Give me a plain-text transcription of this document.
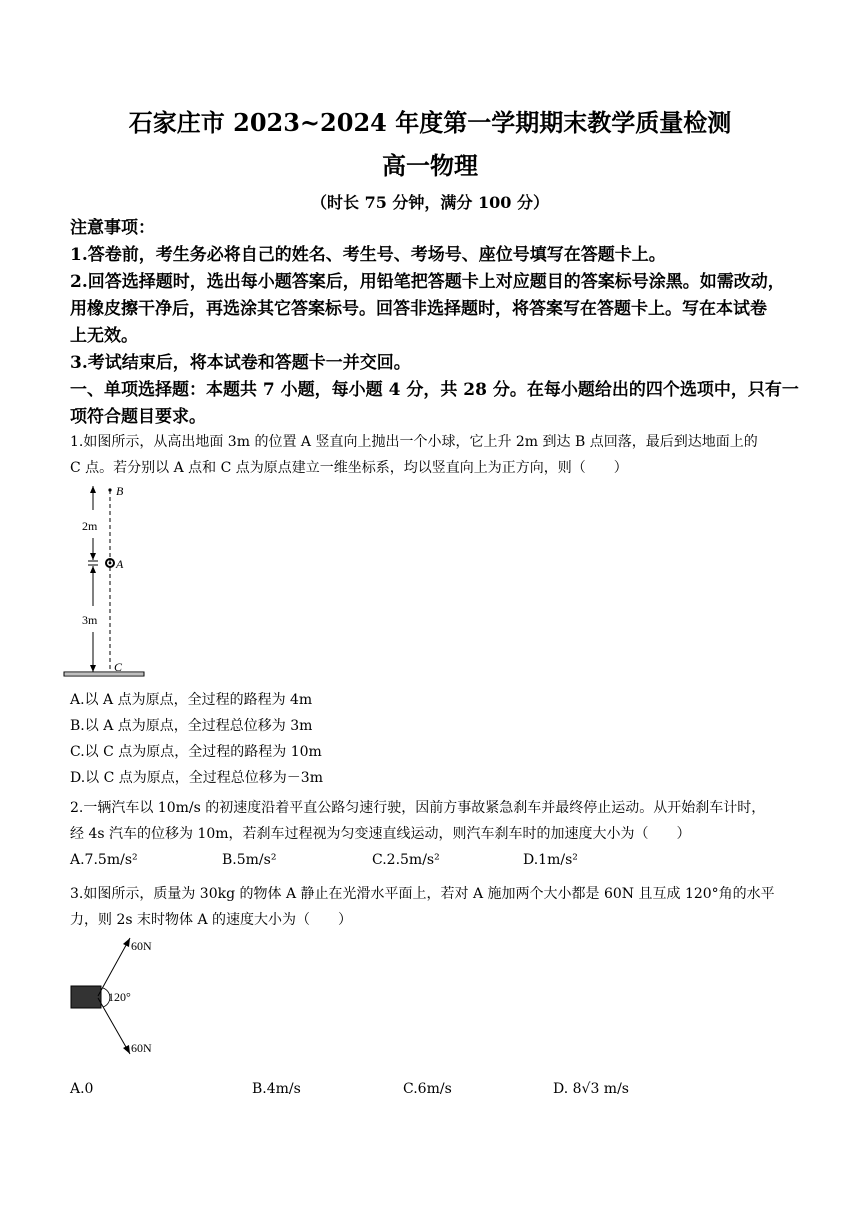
石家庄市 2023~2024 年度第一学期期末教学质量检测
高一物理
（时长 75 分钟，满分 100 分）
注意事项：
1.答卷前，考生务必将自己的姓名、考生号、考场号、座位号填写在答题卡上。
2.回答选择题时，选出每小题答案后，用铅笔把答题卡上对应题目的答案标号涂黑。如需改动，
用橡皮擦干净后，再选涂其它答案标号。回答非选择题时，将答案写在答题卡上。写在本试卷
上无效。
3.考试结束后，将本试卷和答题卡一并交回。
一、单项选择题：本题共 7 小题，每小题 4 分，共 28 分。在每小题给出的四个选项中，只有一
项符合题目要求。
1.如图所示，从高出地面 3m 的位置 A 竖直向上抛出一个小球，它上升 2m 到达 B 点回落，最后到达地面上的
C 点。若分别以 A 点和 C 点为原点建立一维坐标系，均以竖直向上为正方向，则（　　）
B
A
2m
3m
C
A.以 A 点为原点，全过程的路程为 4m
B.以 A 点为原点，全过程总位移为 3m
C.以 C 点为原点，全过程的路程为 10m
D.以 C 点为原点，全过程总位移为－3m
2.一辆汽车以 10m/s 的初速度沿着平直公路匀速行驶，因前方事故紧急刹车并最终停止运动。从开始刹车计时，
经 4s 汽车的位移为 10m，若刹车过程视为匀变速直线运动，则汽车刹车时的加速度大小为（　　）
A.7.5m/s²	B.5m/s²	C.2.5m/s²	D.1m/s²
3.如图所示，质量为 30kg 的物体 A 静止在光滑水平面上，若对 A 施加两个大小都是 60N 且互成 120°角的水平
力，则 2s 末时物体 A 的速度大小为（　　）
60N
60N
120°
A.0	B.4m/s	C.6m/s	D. 8√3 m/s
